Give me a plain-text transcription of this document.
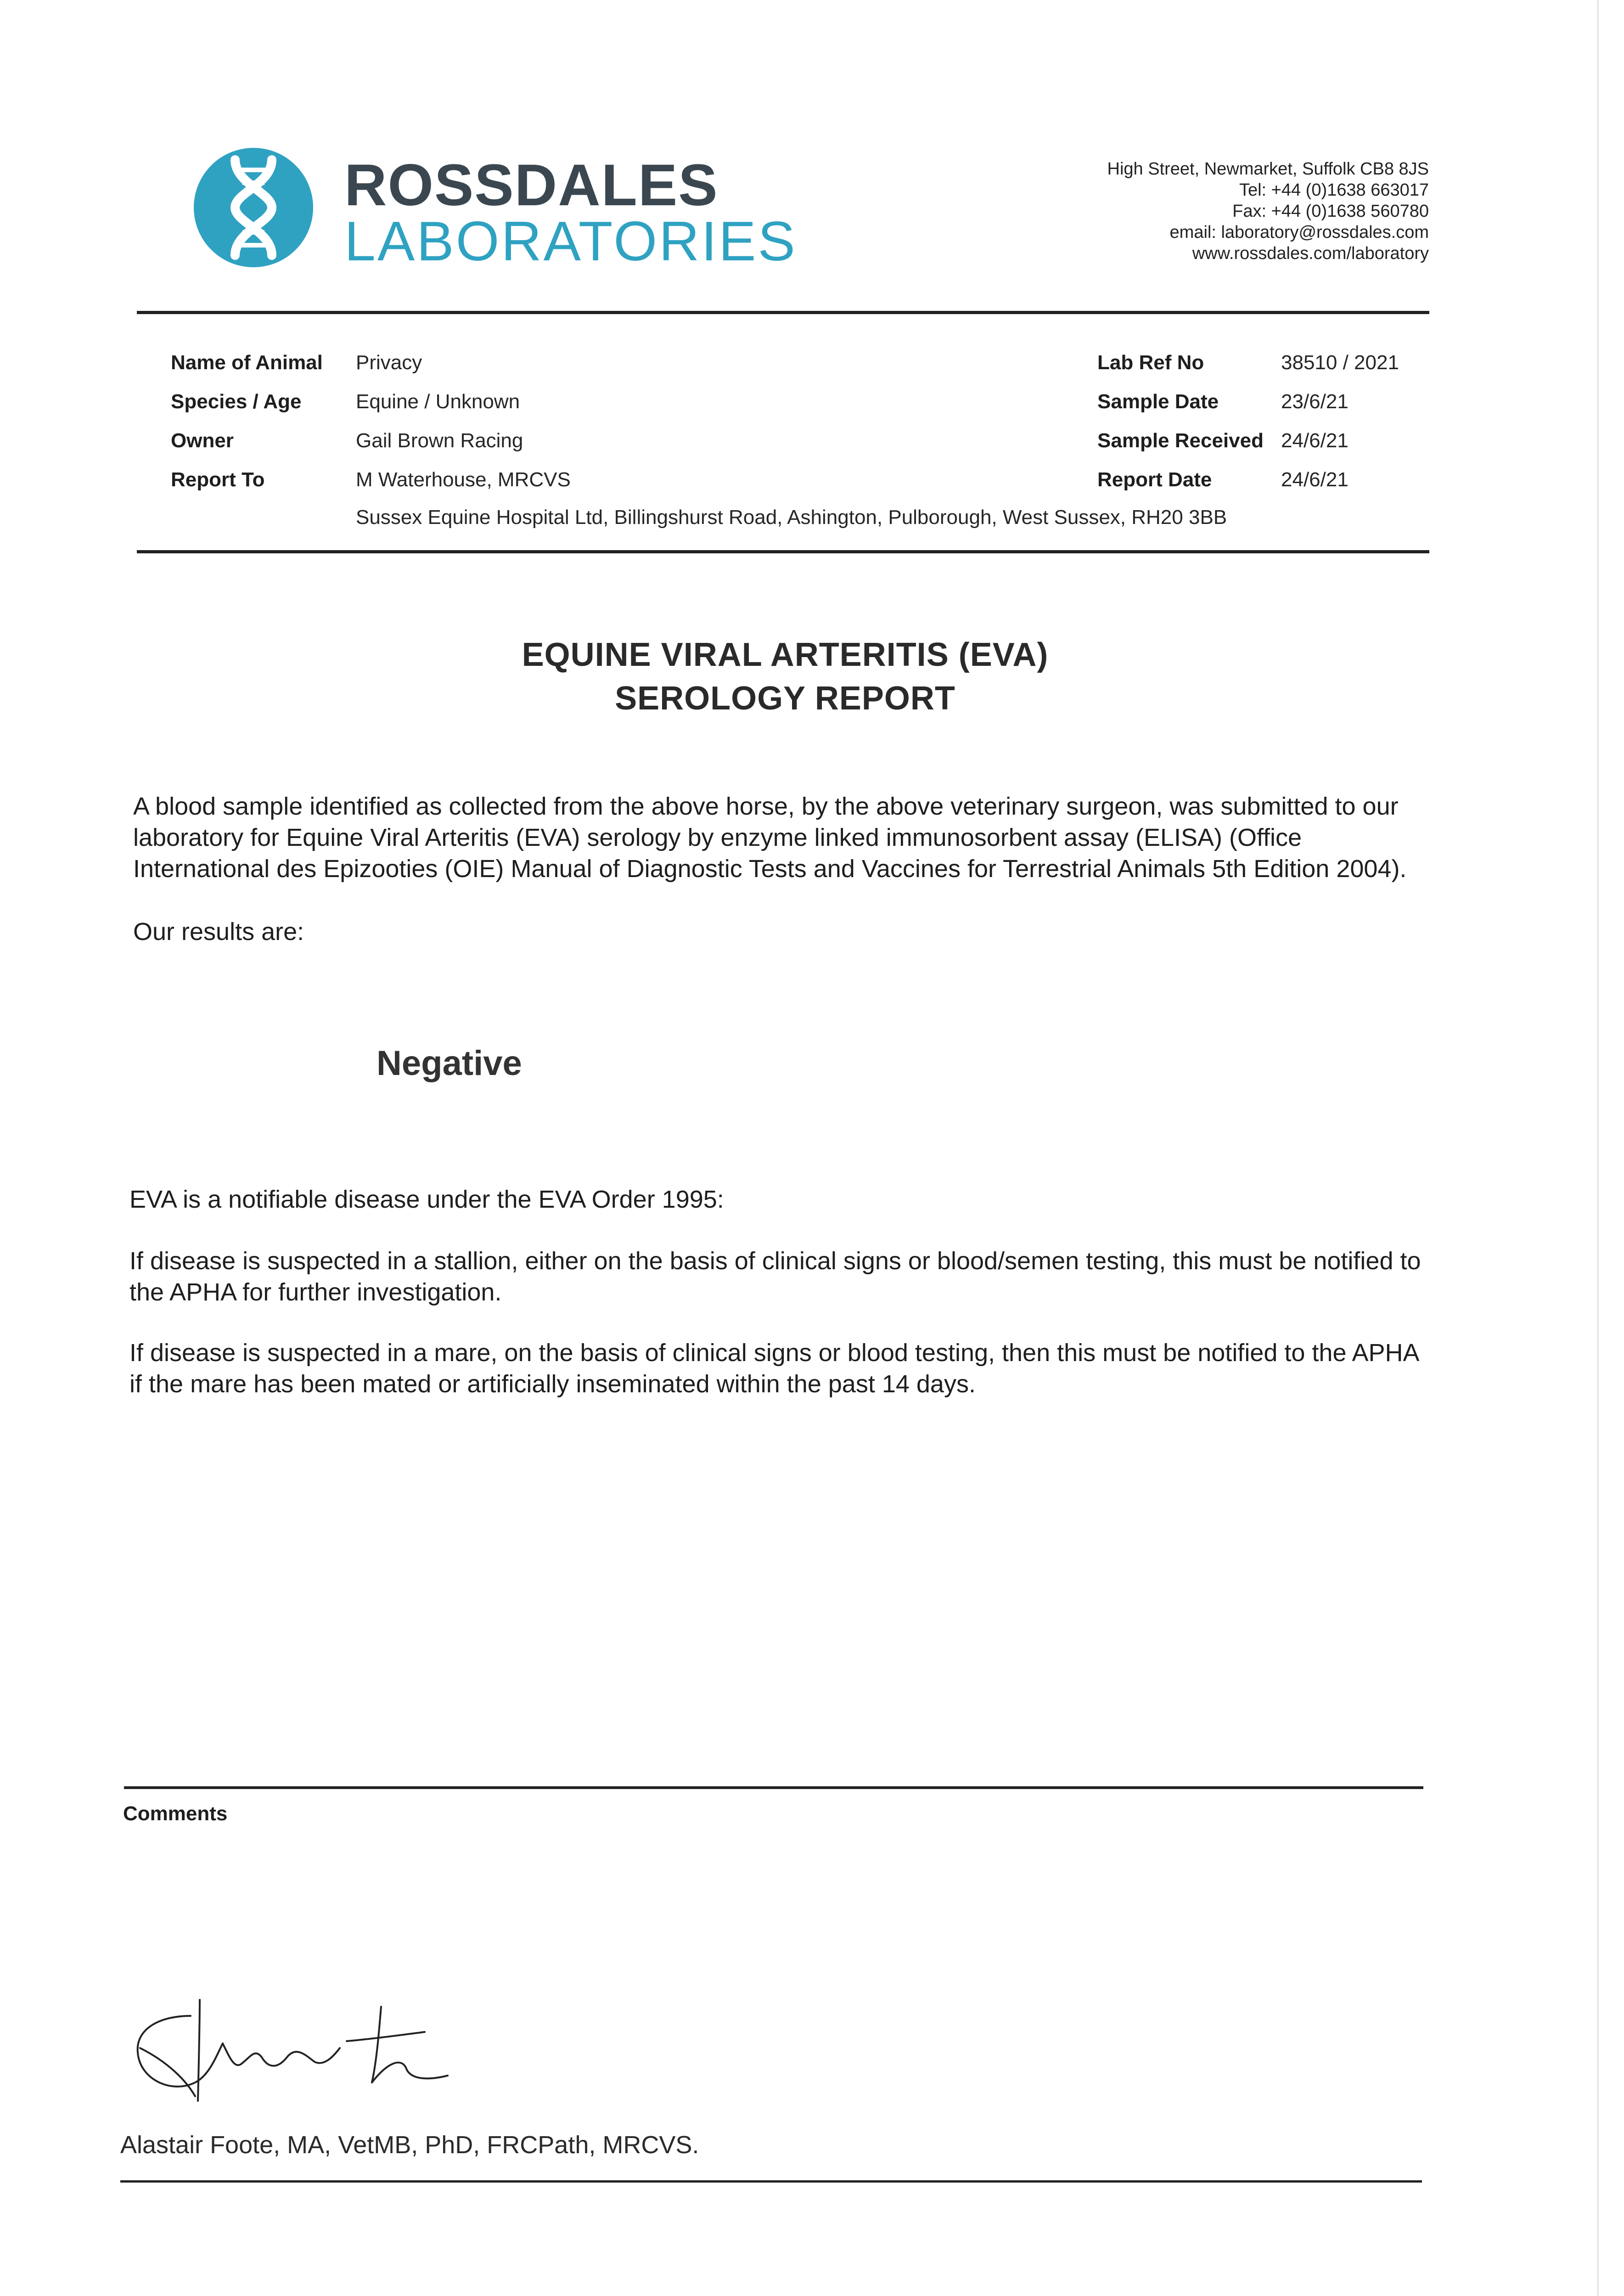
ROSSDALES
LABORATORIES
High Street, Newmarket, Suffolk CB8 8JS
Tel: +44 (0)1638 663017
Fax: +44 (0)1638 560780
email: laboratory@rossdales.com
www.rossdales.com/laboratory
Name of Animal Privacy
Species / Age	Equine / Unknown
Owner	Gail Brown Racing
Report To	M Waterhouse, MRCVS
Sussex Equine Hospital Ltd, Billingshurst Road, Ashington, Pulborough, West Sussex, RH20 3BB
Lab Ref No	38510 / 2021
Sample Date	23/6/21
Sample Received 24/6/21
Report Date	24/6/21
EQUINE VIRAL ARTERITIS (EVA)
SEROLOGY REPORT
A blood sample identified as collected from the above horse, by the above veterinary surgeon, was submitted to our laboratory for Equine Viral Arteritis (EVA) serology by enzyme linked immunosorbent assay (ELISA) (Office International des Epizooties (OIE) Manual of Diagnostic Tests and Vaccines for Terrestrial Animals 5th Edition 2004).
Our results are:
Negative
EVA is a notifiable disease under the EVA Order 1995:
If disease is suspected in a stallion, either on the basis of clinical signs or blood/semen testing, this must be notified to the APHA for further investigation.
If disease is suspected in a mare, on the basis of clinical signs or blood testing, then this must be notified to the APHA if the mare has been mated or artificially inseminated within the past 14 days.
Comments
Alastair Foote, MA, VetMB, PhD, FRCPath, MRCVS.
